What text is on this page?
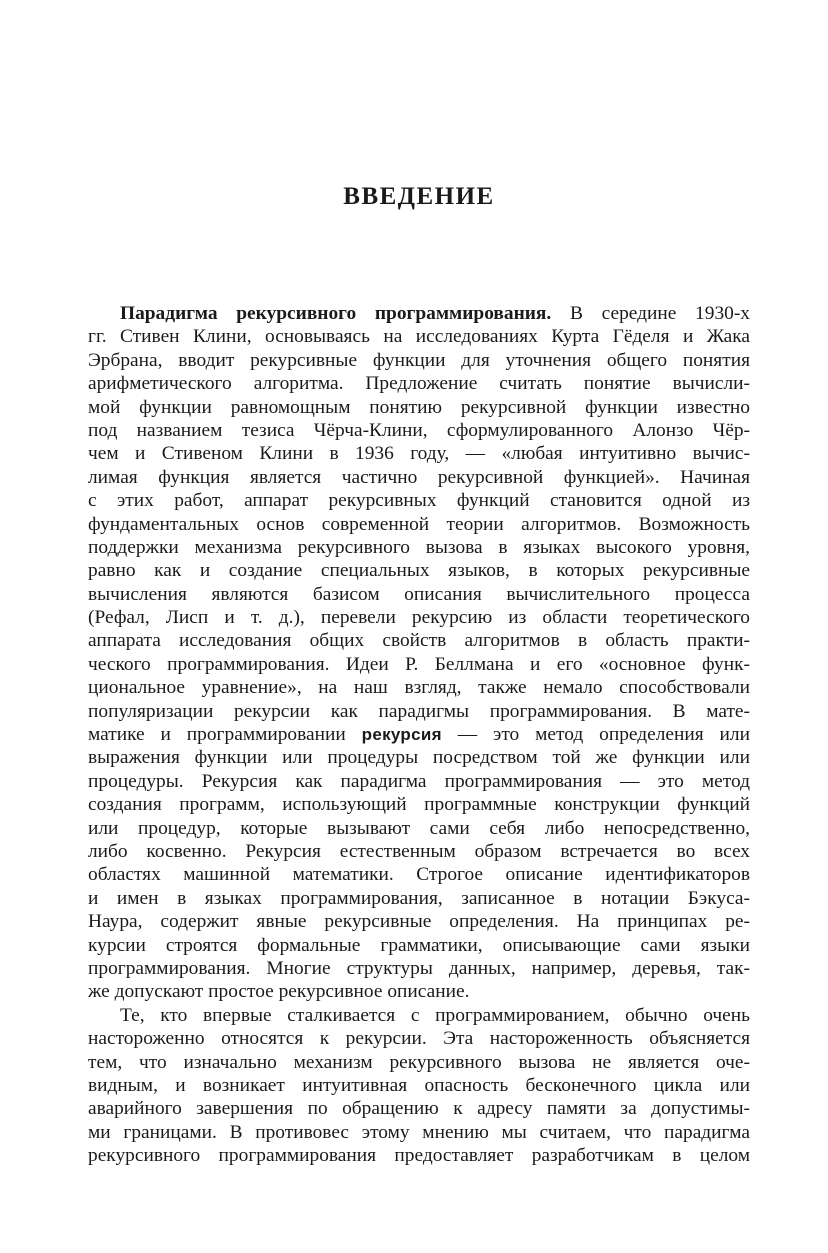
ВВЕДЕНИЕ
Парадигма рекурсивного программирования. В середине 1930-х
гг. Стивен Клини, основываясь на исследованиях Курта Гёделя и Жака
Эрбрана, вводит рекурсивные функции для уточнения общего понятия
арифметического алгоритма. Предложение считать понятие вычисли-
мой функции равномощным понятию рекурсивной функции известно
под названием тезиса Чёрча-Клини, сформулированного Алонзо Чёр-
чем и Стивеном Клини в 1936 году, — «любая интуитивно вычис-
лимая функция является частично рекурсивной функцией». Начиная
с этих работ, аппарат рекурсивных функций становится одной из
фундаментальных основ современной теории алгоритмов. Возможность
поддержки механизма рекурсивного вызова в языках высокого уровня,
равно как и создание специальных языков, в которых рекурсивные
вычисления являются базисом описания вычислительного процесса
(Рефал, Лисп и т. д.), перевели рекурсию из области теоретического
аппарата исследования общих свойств алгоритмов в область практи-
ческого программирования. Идеи Р. Беллмана и его «основное функ-
циональное уравнение», на наш взгляд, также немало способствовали
популяризации рекурсии как парадигмы программирования. В мате-
матике и программировании рекурсия — это метод определения или
выражения функции или процедуры посредством той же функции или
процедуры. Рекурсия как парадигма программирования — это метод
создания программ, использующий программные конструкции функций
или процедур, которые вызывают сами себя либо непосредственно,
либо косвенно. Рекурсия естественным образом встречается во всех
областях машинной математики. Строгое описание идентификаторов
и имен в языках программирования, записанное в нотации Бэкуса-
Наура, содержит явные рекурсивные определения. На принципах ре-
курсии строятся формальные грамматики, описывающие сами языки
программирования. Многие структуры данных, например, деревья, так-
же допускают простое рекурсивное описание.
Те, кто впервые сталкивается с программированием, обычно очень
настороженно относятся к рекурсии. Эта настороженность объясняется
тем, что изначально механизм рекурсивного вызова не является оче-
видным, и возникает интуитивная опасность бесконечного цикла или
аварийного завершения по обращению к адресу памяти за допустимы-
ми границами. В противовес этому мнению мы считаем, что парадигма
рекурсивного программирования предоставляет разработчикам в целом
